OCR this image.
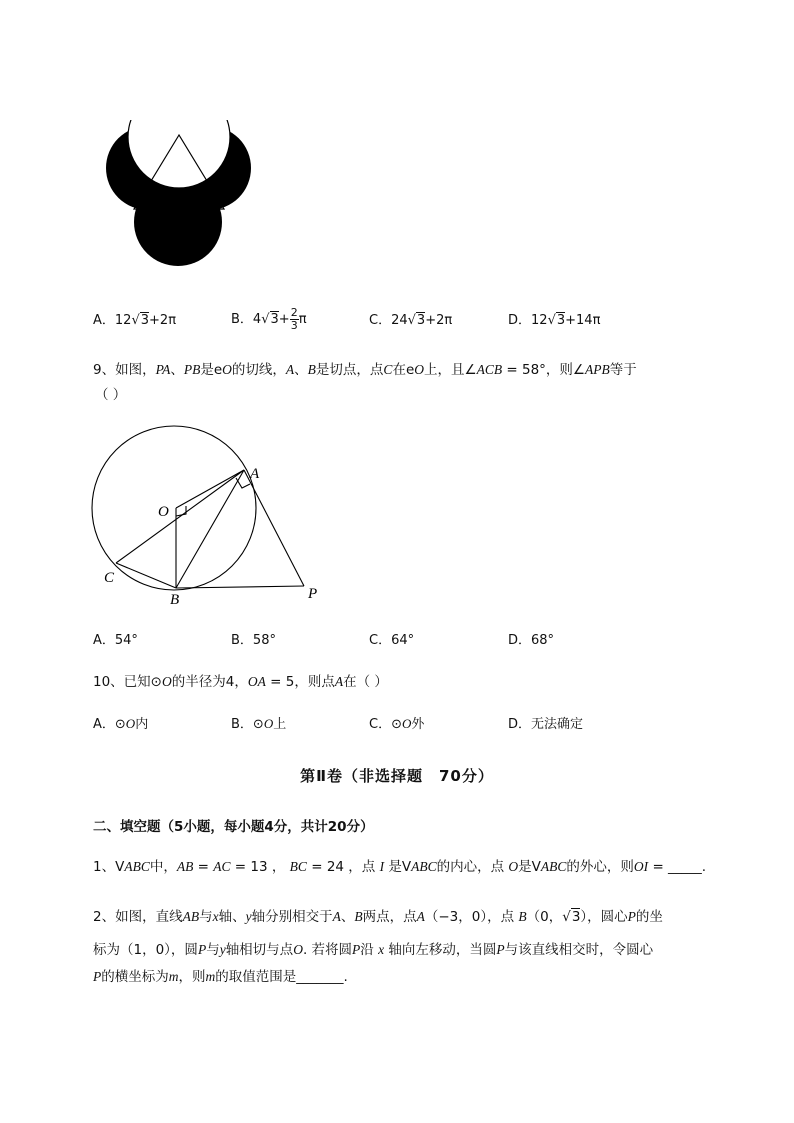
A．12√3+2π	B．$4√3+ \frac{2}{3}$ π	C．24√3+2π	D．12√3+14π
9、如图，PA、PB是eO的切线，A、B是切点，点C在eO上，且∠ACB = 58°，则∠APB等于
（ ）
A
O
C
B	P
A．54°	B．58°	C．64°	D．68°
10、已知⊙O的半径为4，OA = 5，则点A在（ ）
A．⊙O内	B．⊙O上	C．⊙O外	D．无法确定
第Ⅱ卷（非选择题　70分）
二、填空题（5小题，每小题4分，共计20分）
1、VABC中，AB = AC = 13 ， BC = 24 ，点 I 是VABC的内心，点 O是VABC的外心，则OI = _____.
2、如图，直线AB与x轴、y轴分别相交于A、B两点，点A（−3，0），点 B（0，√3），圆心P的坐
标为（1，0），圆P与y轴相切与点O. 若将圆P沿 x 轴向左移动，当圆P与该直线相交时，令圆心
P的横坐标为m，则m的取值范围是_______.
